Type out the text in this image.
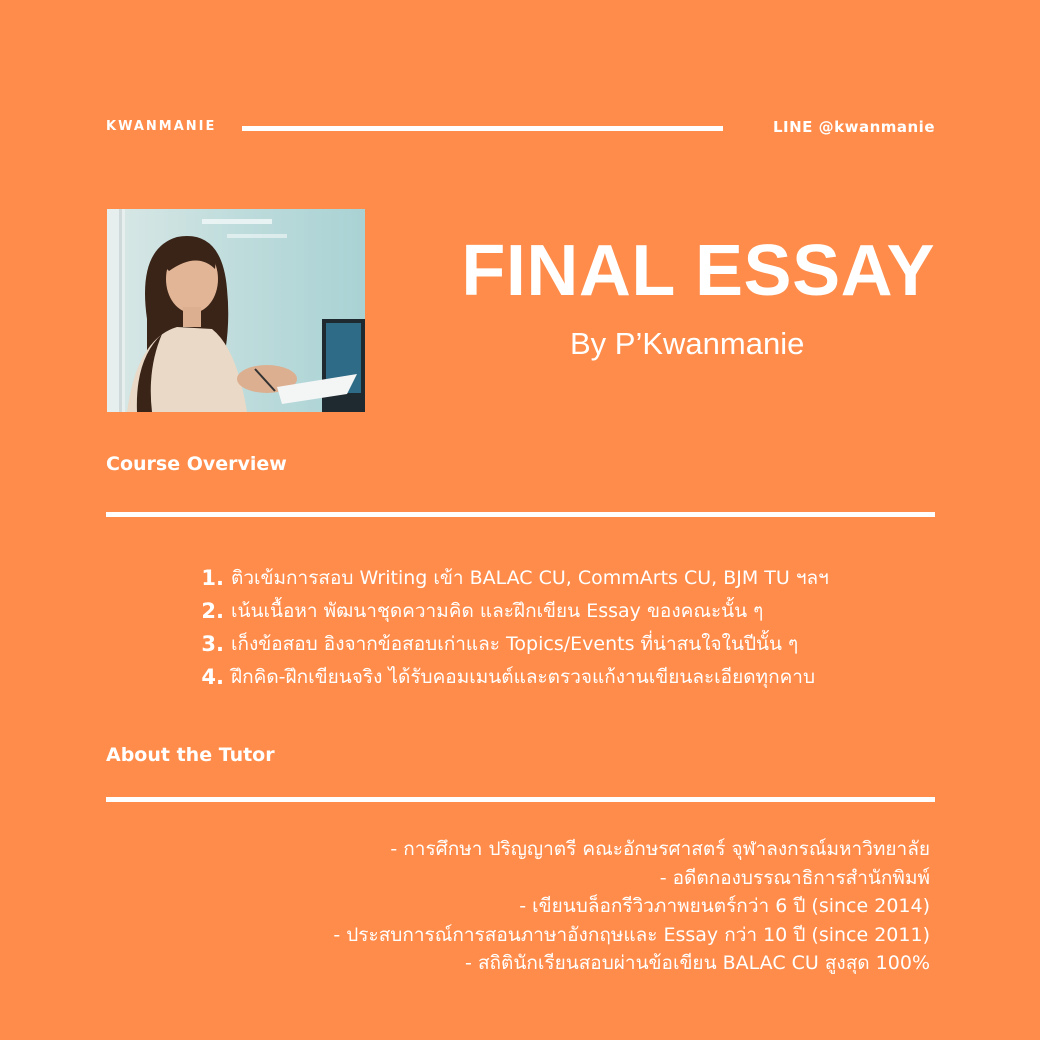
KWANMANIE	LINE @kwanmanie
FINAL ESSAY
By P’Kwanmanie
Course Overview
1. ติวเข้มการสอบ Writing เข้า BALAC CU, CommArts CU, BJM TU ฯลฯ
2. เน้นเนื้อหา พัฒนาชุดความคิด และฝึกเขียน Essay ของคณะนั้น ๆ
3. เก็งข้อสอบ อิงจากข้อสอบเก่าและ Topics/Events ที่น่าสนใจในปีนั้น ๆ
4. ฝึกคิด-ฝึกเขียนจริง ได้รับคอมเมนต์และตรวจแก้งานเขียนละเอียดทุกคาบ
About the Tutor
- การศึกษา ปริญญาตรี คณะอักษรศาสตร์ จุฬาลงกรณ์มหาวิทยาลัย
- อดีตกองบรรณาธิการสำนักพิมพ์
- เขียนบล็อกรีวิวภาพยนตร์กว่า 6 ปี (since 2014)
- ประสบการณ์การสอนภาษาอังกฤษและ Essay กว่า 10 ปี (since 2011)
- สถิตินักเรียนสอบผ่านข้อเขียน BALAC CU สูงสุด 100%
